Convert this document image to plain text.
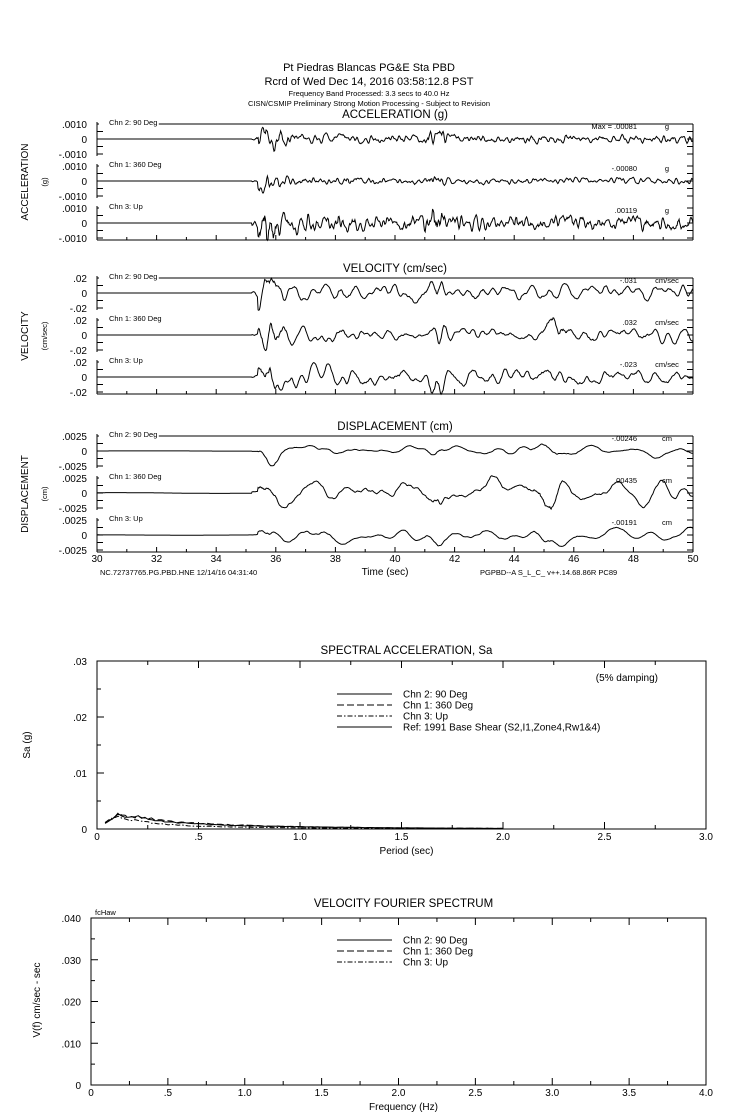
Pt Piedras Blancas PG&E Sta PBD
Rcrd of Wed Dec 14, 2016 03:58:12.8 PST
Frequency Band Processed: 3.3 secs to 40.0 Hz
CISN/CSMIP Preliminary Strong Motion Processing - Subject to Revision
ACCELERATION (g)
ACCELERATION (g)
.0010
0
-.0010
Chn 2: 90 Deg	Max = .00081	g
.0010
0
-.0010
Chn 1: 360 Deg	-.00080	g
.0010
0
-.0010
Chn 3: Up	.00119	g
VELOCITY (cm/sec)
VELOCITY (cm/sec)
.02
0
-.02
Chn 2: 90 Deg	-.031 cm/sec
.02
0
-.02
Chn 1: 360 Deg	.032 cm/sec
.02
0
-.02
Chn 3: Up	-.023 cm/sec
DISPLACEMENT (cm)
DISPLACEMENT (cm)
.0025
0
-.0025
Chn 2: 90 Deg	-.00246	cm
.0025
0
-.0025
Chn 1: 360 Deg	.00435	cm
.0025
0
-.0025
Chn 3: Up	-.00191	cm
30	32	34	36	38	40	42	44	46	48	50
Time (sec)
NC.72737765.PG.PBD.HNE 12/14/16 04:31:40	PGPBD--A S_L_C_ v++.14.68.86R PC89
SPECTRAL ACCELERATION, Sa
0	.5	1.0	1.5	2.0	2.5	3.0
.03
.02
.01
0
Period (sec)
Sa (g)
(5% damping)
Chn 2: 90 Deg
Chn 1: 360 Deg
Chn 3: Up
Ref: 1991 Base Shear (S2,I1,Zone4,Rw1&4)
VELOCITY FOURIER SPECTRUM
0	.5	1.0	1.5	2.0	2.5	3.0	3.5	4.0
.040
.030
.020
.010
0
Frequency (Hz)
V(f) cm/sec - sec
fcHaw
Chn 2: 90 Deg
Chn 1: 360 Deg
Chn 3: Up
